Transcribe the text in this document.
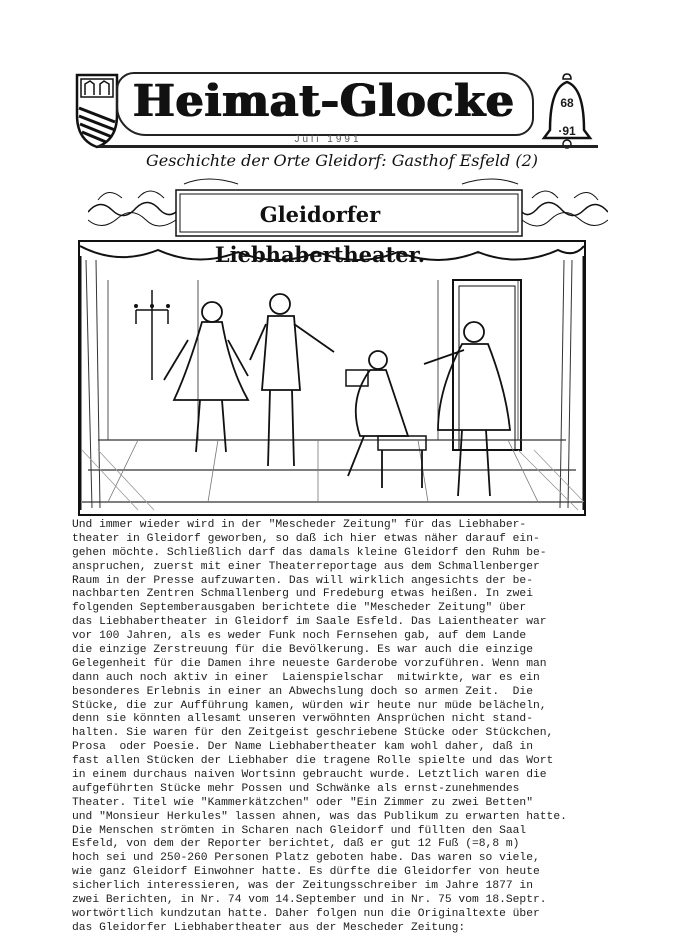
Heimat-Glocke
Juli 1991
68
·91
Geschichte der Orte Gleidorf: Gasthof Esfeld (2)
Gleidorfer Liebhabertheater.
Und immer wieder wird in der "Mescheder Zeitung" für das Liebhaber-
theater in Gleidorf geworben, so daß ich hier etwas näher darauf ein-
gehen möchte. Schließlich darf das damals kleine Gleidorf den Ruhm be-
anspruchen, zuerst mit einer Theaterreportage aus dem Schmallenberger
Raum in der Presse aufzuwarten. Das will wirklich angesichts der be-
nachbarten Zentren Schmallenberg und Fredeburg etwas heißen. In zwei
folgenden Septemberausgaben berichtete die "Mescheder Zeitung" über
das Liebhabertheater in Gleidorf im Saale Esfeld. Das Laientheater war
vor 100 Jahren, als es weder Funk noch Fernsehen gab, auf dem Lande
die einzige Zerstreuung für die Bevölkerung. Es war auch die einzige
Gelegenheit für die Damen ihre neueste Garderobe vorzuführen. Wenn man
dann auch noch aktiv in einer  Laienspielschar  mitwirkte, war es ein
besonderes Erlebnis in einer an Abwechslung doch so armen Zeit.  Die
Stücke, die zur Aufführung kamen, würden wir heute nur müde belächeln,
denn sie könnten allesamt unseren verwöhnten Ansprüchen nicht stand-
halten. Sie waren für den Zeitgeist geschriebene Stücke oder Stückchen,
Prosa  oder Poesie. Der Name Liebhabertheater kam wohl daher, daß in
fast allen Stücken der Liebhaber die tragene Rolle spielte und das Wort
in einem durchaus naiven Wortsinn gebraucht wurde. Letztlich waren die
aufgeführten Stücke mehr Possen und Schwänke als ernst-zunehmendes
Theater. Titel wie "Kammerkätzchen" oder "Ein Zimmer zu zwei Betten"
und "Monsieur Herkules" lassen ahnen, was das Publikum zu erwarten hatte.
Die Menschen strömten in Scharen nach Gleidorf und füllten den Saal
Esfeld, von dem der Reporter berichtet, daß er gut 12 Fuß (=8,8 m)
hoch sei und 250-260 Personen Platz geboten habe. Das waren so viele,
wie ganz Gleidorf Einwohner hatte. Es dürfte die Gleidorfer von heute
sicherlich interessieren, was der Zeitungsschreiber im Jahre 1877 in
zwei Berichten, in Nr. 74 vom 14.September und in Nr. 75 vom 18.Septr.
wortwörtlich kundzutan hatte. Daher folgen nun die Originaltexte über
das Gleidorfer Liebhabertheater aus der Mescheder Zeitung:
